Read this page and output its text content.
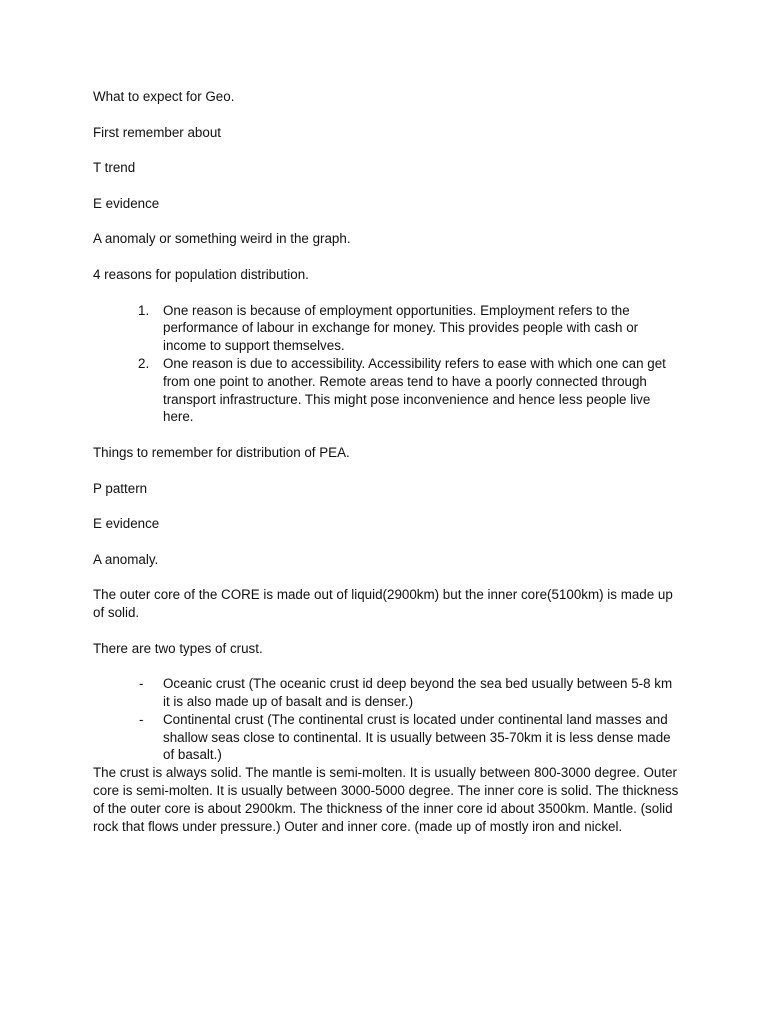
What to expect for Geo.

First remember about

T trend

E evidence

A anomaly or something weird in the graph.

4 reasons for population distribution.

1. One reason is because of employment opportunities. Employment refers to the performance of labour in exchange for money. This provides people with cash or income to support themselves.
2. One reason is due to accessibility. Accessibility refers to ease with which one can get from one point to another. Remote areas tend to have a poorly connected through transport infrastructure. This might pose inconvenience and hence less people live here.

Things to remember for distribution of PEA.

P pattern

E evidence

A anomaly.

The outer core of the CORE is made out of liquid(2900km) but the inner core(5100km) is made up of solid.

There are two types of crust.

- Oceanic crust (The oceanic crust id deep beyond the sea bed usually between 5-8 km it is also made up of basalt and is denser.)
- Continental crust (The continental crust is located under continental land masses and shallow seas close to continental. It is usually between 35-70km it is less dense made of basalt.)

The crust is always solid. The mantle is semi-molten. It is usually between 800-3000 degree. Outer core is semi-molten. It is usually between 3000-5000 degree. The inner core is solid. The thickness of the outer core is about 2900km. The thickness of the inner core id about 3500km. Mantle. (solid rock that flows under pressure.) Outer and inner core. (made up of mostly iron and nickel.
